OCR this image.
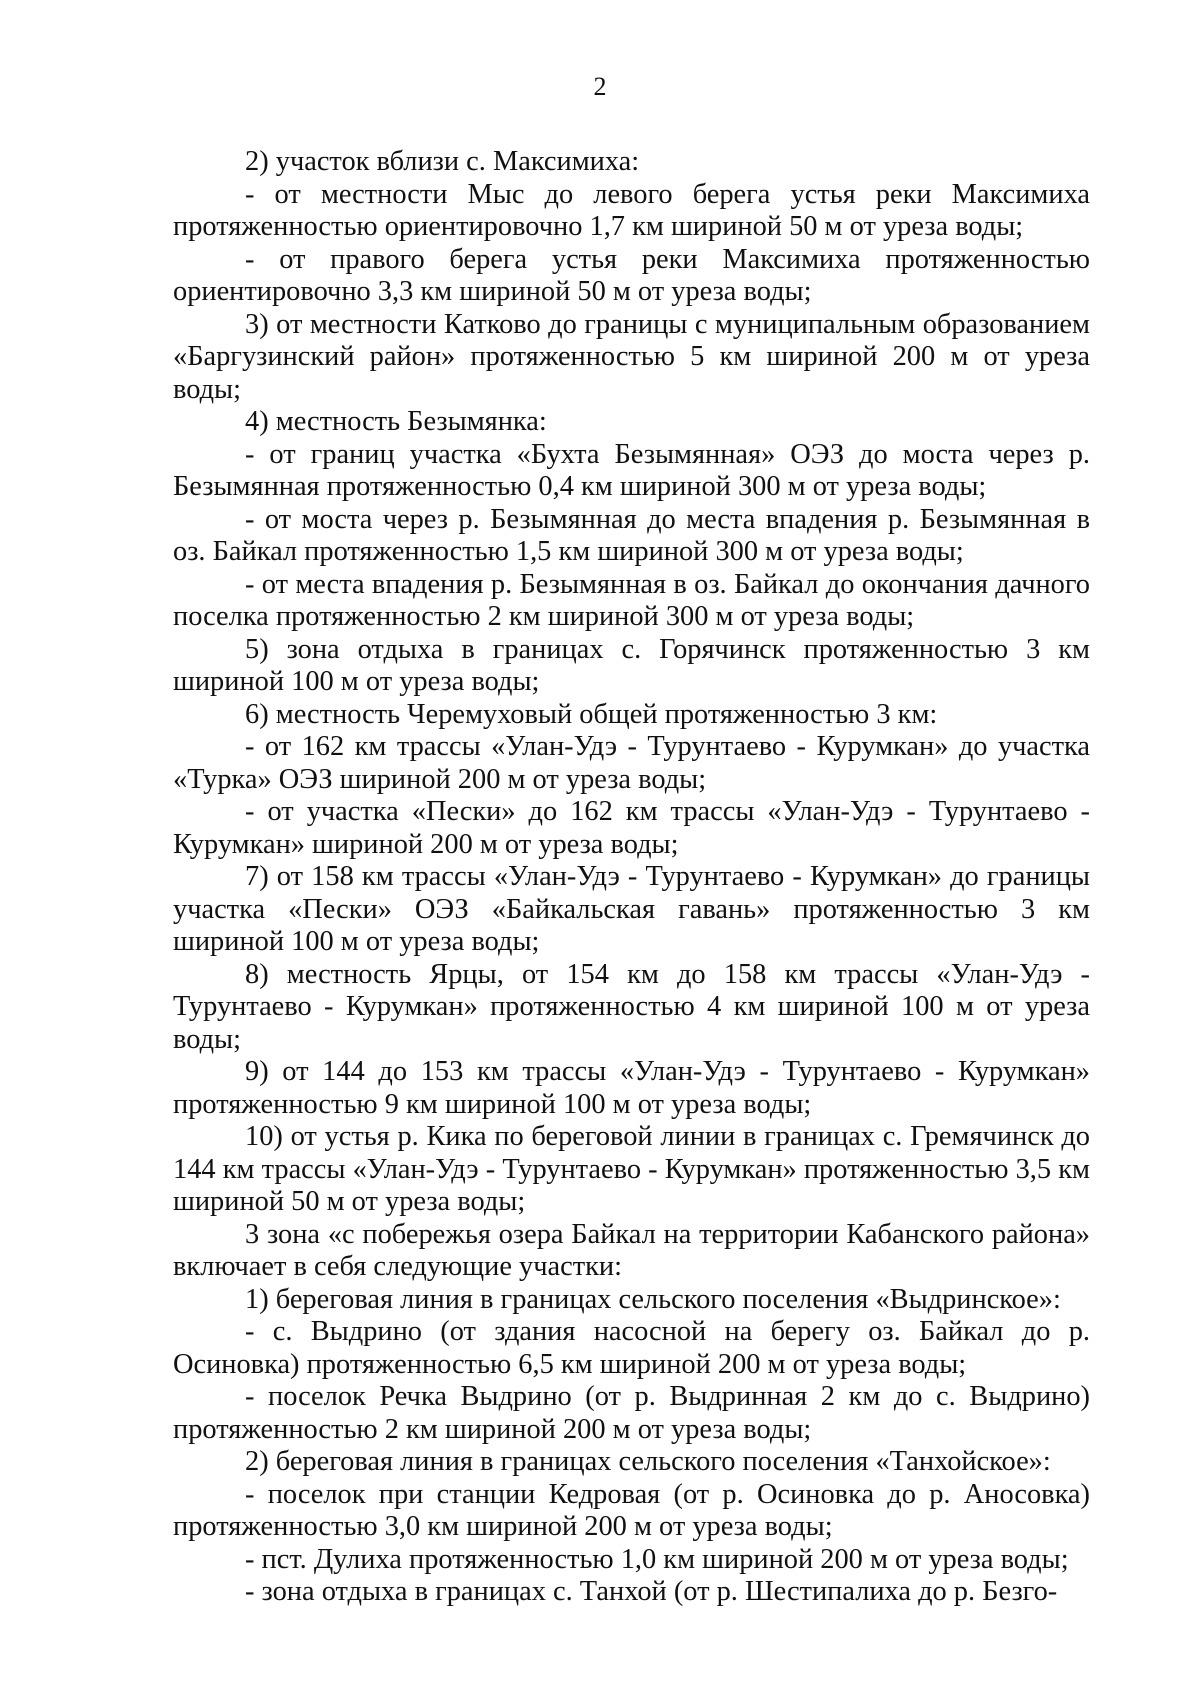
2

2) участок вблизи с. Максимиха:

- от местности Мыс до левого берега устья реки Максимиха протяженностью ориентировочно 1,7 км шириной 50 м от уреза воды;

- от правого берега устья реки Максимиха протяженностью ориентировочно 3,3 км шириной 50 м от уреза воды;

3) от местности Катково до границы с муниципальным образованием «Баргузинский район» протяженностью 5 км шириной 200 м от уреза воды;

4) местность Безымянка:

- от границ участка «Бухта Безымянная» ОЭЗ до моста через р. Безымянная протяженностью 0,4 км шириной 300 м от уреза воды;

- от моста через р. Безымянная до места впадения р. Безымянная в оз. Байкал протяженностью 1,5 км шириной 300 м от уреза воды;

- от места впадения р. Безымянная в оз. Байкал до окончания дачного поселка протяженностью 2 км шириной 300 м от уреза воды;

5) зона отдыха в границах с. Горячинск протяженностью 3 км шириной 100 м от уреза воды;

6) местность Черемуховый общей протяженностью 3 км:

- от 162 км трассы «Улан-Удэ - Турунтаево - Курумкан» до участка «Турка» ОЭЗ шириной 200 м от уреза воды;

- от участка «Пески» до 162 км трассы «Улан-Удэ - Турунтаево - Курумкан» шириной 200 м от уреза воды;

7) от 158 км трассы «Улан-Удэ - Турунтаево - Курумкан» до границы участка «Пески» ОЭЗ «Байкальская гавань» протяженностью 3 км шириной 100 м от уреза воды;

8) местность Ярцы, от 154 км до 158 км трассы «Улан-Удэ - Турунтаево - Курумкан» протяженностью 4 км шириной 100 м от уреза воды;

9) от 144 до 153 км трассы «Улан-Удэ - Турунтаево - Курумкан» протяженностью 9 км шириной 100 м от уреза воды;

10) от устья р. Кика по береговой линии в границах с. Гремячинск до 144 км трассы «Улан-Удэ - Турунтаево - Курумкан» протяженностью 3,5 км шириной 50 м от уреза воды;

3 зона «с побережья озера Байкал на территории Кабанского района» включает в себя следующие участки:

1) береговая линия в границах сельского поселения «Выдринское»:

- с. Выдрино (от здания насосной на берегу оз. Байкал до р. Осиновка) протяженностью 6,5 км шириной 200 м от уреза воды;

- поселок Речка Выдрино (от р. Выдринная 2 км до с. Выдрино) протяженностью 2 км шириной 200 м от уреза воды;

2) береговая линия в границах сельского поселения «Танхойское»:

- поселок при станции Кедровая (от р. Осиновка до р. Аносовка) протяженностью 3,0 км шириной 200 м от уреза воды;

- пст. Дулиха протяженностью 1,0 км шириной 200 м от уреза воды;

- зона отдыха в границах с. Танхой (от р. Шестипалиха до р. Безго-
